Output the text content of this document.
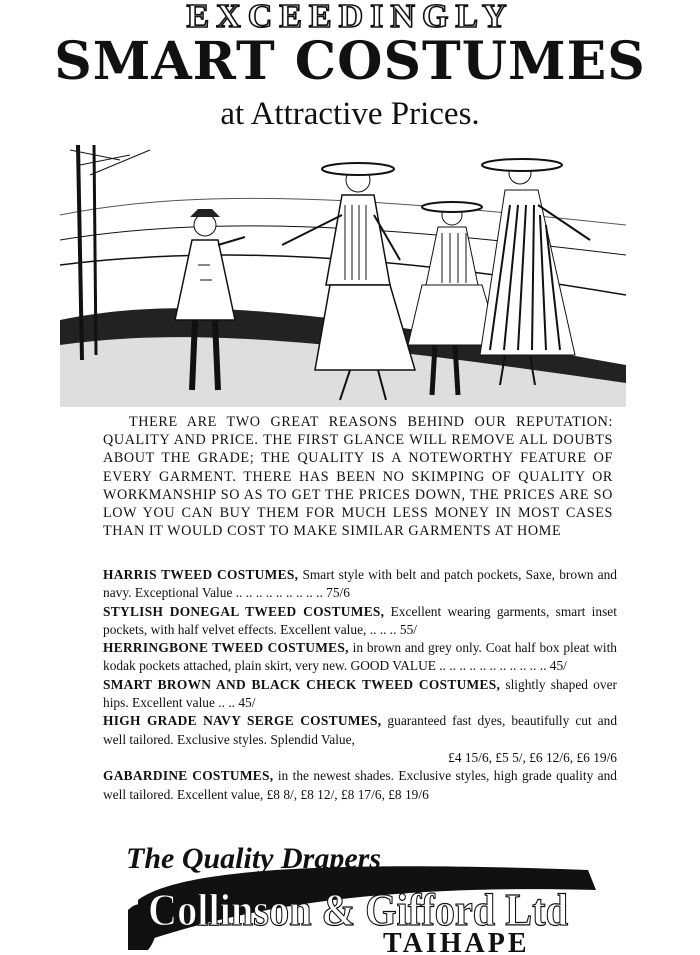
EXCEEDINGLY
SMART COSTUMES
at Attractive Prices.

THERE ARE TWO GREAT REASONS BEHIND OUR REPUTATION: QUALITY AND PRICE. THE FIRST GLANCE WILL REMOVE ALL DOUBTS ABOUT THE GRADE; THE QUALITY IS A NOTEWORTHY FEATURE OF EVERY GARMENT. THERE HAS BEEN NO SKIMPING OF QUALITY OR WORKMANSHIP SO AS TO GET THE PRICES DOWN, THE PRICES ARE SO LOW YOU CAN BUY THEM FOR MUCH LESS MONEY IN MOST CASES THAN IT WOULD COST TO MAKE SIMILAR GARMENTS AT HOME

HARRIS TWEED COSTUMES, Smart style with belt and patch pockets, Saxe, brown and navy. Exceptional Value .. .. .. .. .. .. .. .. .. 75/6

STYLISH DONEGAL TWEED COSTUMES, Excellent wearing garments, smart inset pockets, with half velvet effects. Excellent value, .. .. .. 55/

HERRINGBONE TWEED COSTUMES, in brown and grey only. Coat half box pleat with kodak pockets attached, plain skirt, very new. GOOD VALUE .. .. .. .. .. .. .. .. .. .. .. 45/

SMART BROWN AND BLACK CHECK TWEED COSTUMES, slightly shaped over hips. Excellent value .. .. 45/

HIGH GRADE NAVY SERGE COSTUMES, guaranteed fast dyes, beautifully cut and well tailored. Exclusive styles. Splendid Value,
£4 15/6, £5 5/, £6 12/6, £6 19/6

GABARDINE COSTUMES, in the newest shades. Exclusive styles, high grade quality and well tailored. Excellent value, £8 8/, £8 12/, £8 17/6, £8 19/6

The Quality Drapers
Collinson & Gifford Ltd
TAIHAPE
